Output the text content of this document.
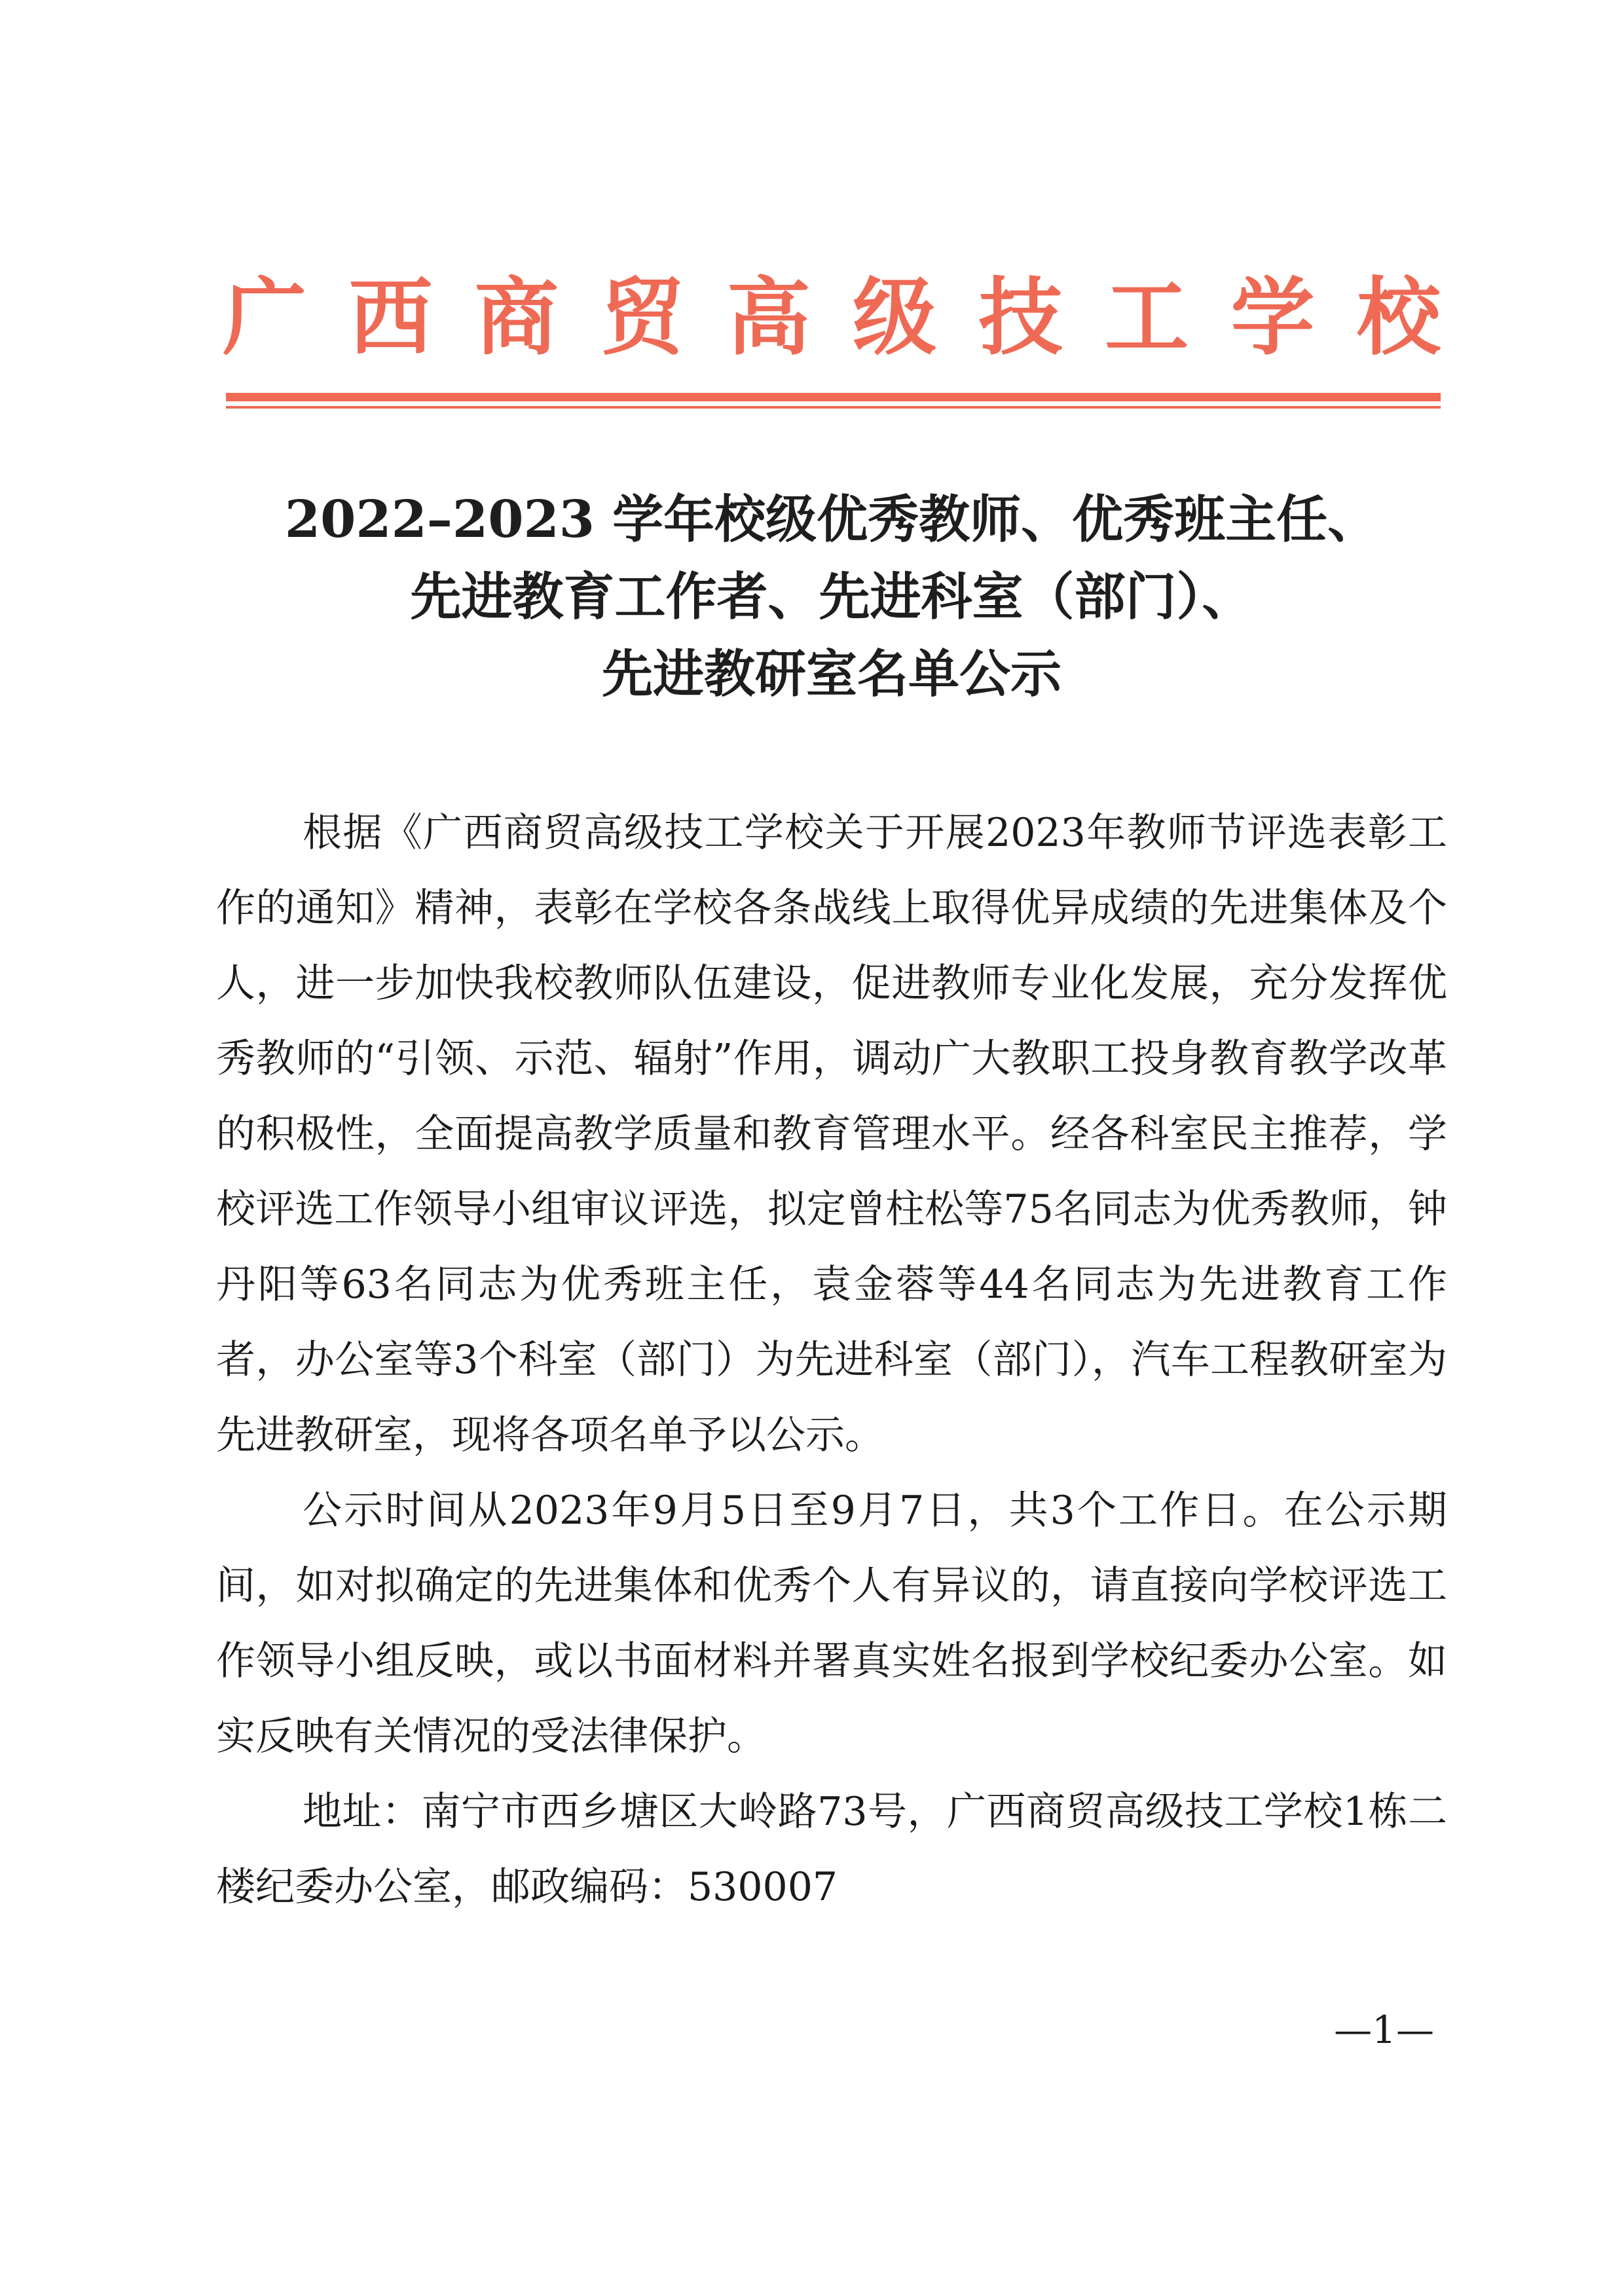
广 西 商 贸 高 级 技 工 学 校
2022–2023 学年校级优秀教师、优秀班主任、
先进教育工作者、先进科室（部门）、
先进教研室名单公示

根据《广西商贸高级技工学校关于开展2023年教师节评选表彰工作的通知》精神，表彰在学校各条战线上取得优异成绩的先进集体及个人，进一步加快我校教师队伍建设，促进教师专业化发展，充分发挥优秀教师的“引领、示范、辐射”作用，调动广大教职工投身教育教学改革的积极性，全面提高教学质量和教育管理水平。经各科室民主推荐，学校评选工作领导小组审议评选，拟定曾柱松等75名同志为优秀教师，钟丹阳等63名同志为优秀班主任，袁金蓉等44名同志为先进教育工作者，办公室等3个科室（部门）为先进科室（部门），汽车工程教研室为先进教研室，现将各项名单予以公示。

公示时间从2023年9月5日至9月7日，共3个工作日。在公示期间，如对拟确定的先进集体和优秀个人有异议的，请直接向学校评选工作领导小组反映，或以书面材料并署真实姓名报到学校纪委办公室。如实反映有关情况的受法律保护。

地址：南宁市西乡塘区大岭路73号，广西商贸高级技工学校1栋二楼纪委办公室，邮政编码：530007

—1—
